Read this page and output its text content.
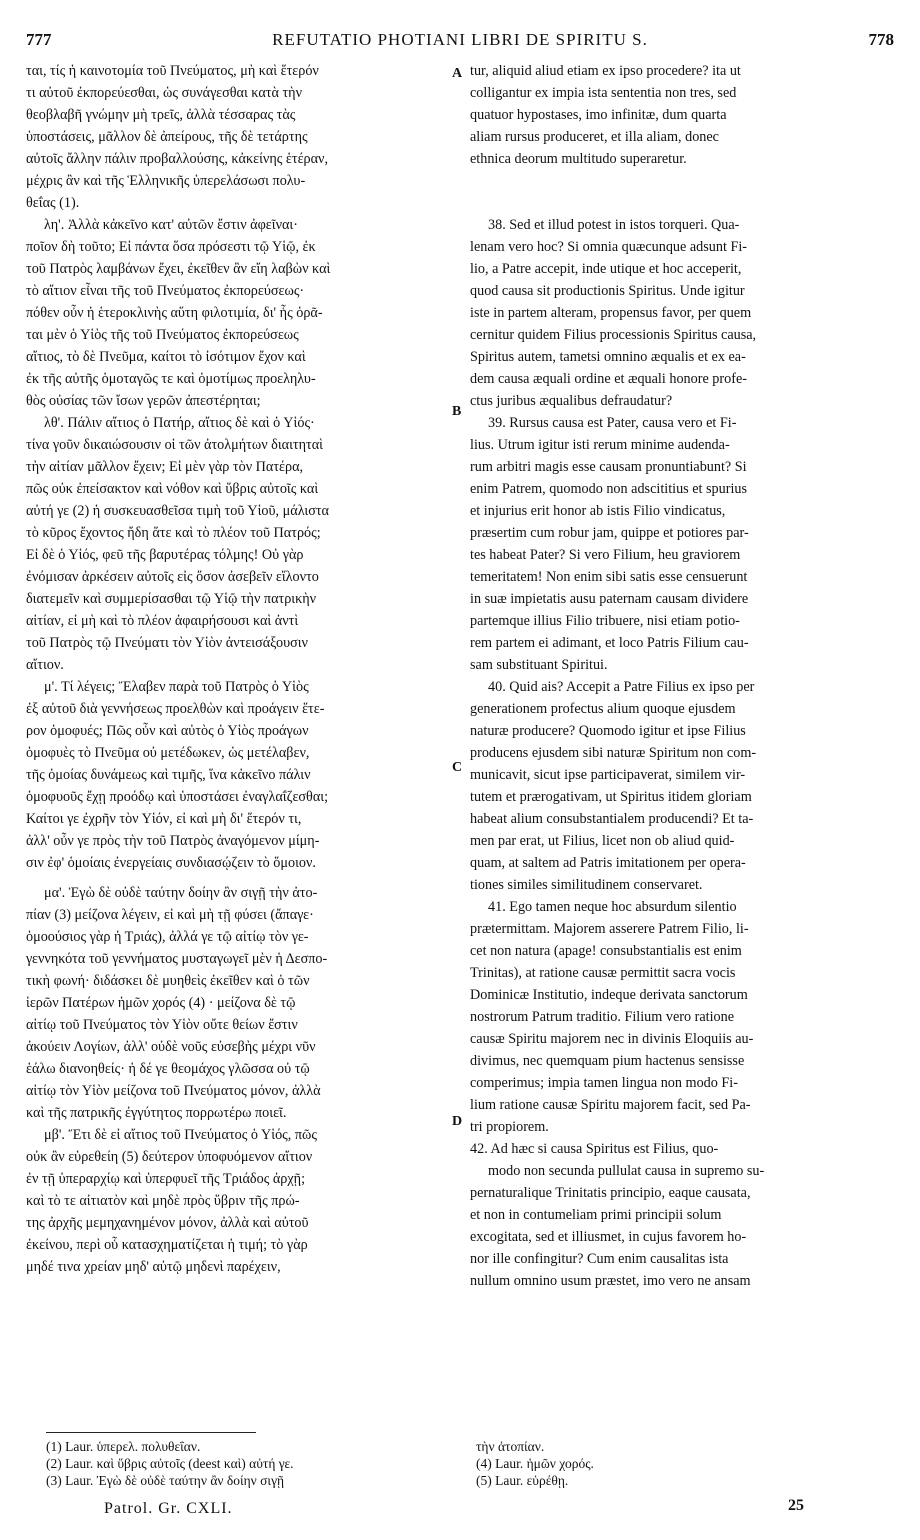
777	REFUTATIO PHOTIANI LIBRI DE SPIRITU S.	778
ται, τίς ἡ καινοτομία τοῦ Πνεύματος, μὴ καὶ ἕτερόν
τι αὐτοῦ ἐκπορεύεσθαι, ὡς συνάγεσθαι κατὰ τὴν
θεοβλαβῆ γνώμην μὴ τρεῖς, ἀλλὰ τέσσαρας τὰς
ὑποστάσεις, μᾶλλον δὲ ἀπείρους, τῆς δὲ τετάρτης
αὐτοῖς ἄλλην πάλιν προβαλλούσης, κἀκείνης ἑτέραν,
μέχρις ἂν καὶ τῆς Ἑλληνικῆς ὑπερελάσωσι πολυ-
θεΐας (1).
λη'. Ἀλλὰ κἀκεῖνο κατ' αὐτῶν ἔστιν ἀφεῖναι·
ποῖον δὴ τοῦτο; Εἰ πάντα ὅσα πρόσεστι τῷ Υἱῷ, ἐκ
τοῦ Πατρὸς λαμβάνων ἔχει, ἐκεῖθεν ἂν εἴη λαβὼν καὶ
τὸ αἴτιον εἶναι τῆς τοῦ Πνεύματος ἐκπορεύσεως·
πόθεν οὖν ἡ ἑτεροκλινὴς αὕτη φιλοτιμία, δι' ἧς ὁρᾶ-
ται μὲν ὁ Υἱὸς τῆς τοῦ Πνεύματος ἐκπορεύσεως
αἴτιος, τὸ δὲ Πνεῦμα, καίτοι τὸ ἰσότιμον ἔχον καὶ
ἐκ τῆς αὐτῆς ὁμοταγῶς τε καὶ ὁμοτίμως προεληλυ-
θὸς οὐσίας τῶν ἴσων γερῶν ἀπεστέρηται;
λθ'. Πάλιν αἴτιος ὁ Πατήρ, αἴτιος δὲ καὶ ὁ Υἱός·
τίνα γοῦν δικαιώσουσιν οἱ τῶν ἀτολμήτων διαιτηταὶ
τὴν αἰτίαν μᾶλλον ἔχειν; Εἰ μὲν γὰρ τὸν Πατέρα,
πῶς οὐκ ἐπείσακτον καὶ νόθον καὶ ὕβρις αὐτοῖς καὶ
αὐτή γε (2) ἡ συσκευασθεῖσα τιμὴ τοῦ Υἱοῦ, μάλιστα
τὸ κῦρος ἔχοντος ἤδη ἅτε καὶ τὸ πλέον τοῦ Πατρός;
Εἰ δὲ ὁ Υἱός, φεῦ τῆς βαρυτέρας τόλμης! Οὐ γὰρ
ἐνόμισαν ἀρκέσειν αὐτοῖς εἰς ὅσον ἀσεβεῖν εἵλοντο
διατεμεῖν καὶ συμμερίσασθαι τῷ Υἱῷ τὴν πατρικὴν
αἰτίαν, εἰ μὴ καὶ τὸ πλέον ἀφαιρήσουσι καὶ ἀντὶ
τοῦ Πατρὸς τῷ Πνεύματι τὸν Υἱὸν ἀντεισάξουσιν
αἴτιον.
μ'. Τί λέγεις; Ἔλαβεν παρὰ τοῦ Πατρὸς ὁ Υἱὸς
ἐξ αὐτοῦ διὰ γεννήσεως προελθὼν καὶ προάγειν ἕτε-
ρον ὁμοφυές; Πῶς οὖν καὶ αὐτὸς ὁ Υἱὸς προάγων
ὁμοφυὲς τὸ Πνεῦμα οὐ μετέδωκεν, ὡς μετέλαβεν,
τῆς ὁμοίας δυνάμεως καὶ τιμῆς, ἵνα κἀκεῖνο πάλιν
ὁμοφυοῦς ἔχῃ προόδῳ καὶ ὑποστάσει ἐναγλαΐζεσθαι;
Καίτοι γε ἐχρῆν τὸν Υἱόν, εἰ καὶ μὴ δι' ἕτερόν τι,
ἀλλ' οὖν γε πρὸς τὴν τοῦ Πατρὸς ἀναγόμενον μίμη-
σιν ἐφ' ὁμοίαις ἐνεργείαις συνδιασῴζειν τὸ ὅμοιον.
μα'. Ἐγὼ δὲ οὐδὲ ταύτην δοίην ἂν σιγῇ τὴν ἀτο-
πίαν (3) μείζονα λέγειν, εἰ καὶ μὴ τῇ φύσει (ἄπαγε·
ὁμοούσιος γὰρ ἡ Τριάς), ἀλλά γε τῷ αἰτίῳ τὸν γε-
γεννηκότα τοῦ γεννήματος μυσταγωγεῖ μὲν ἡ Δεσπο-
τικὴ φωνή· διδάσκει δὲ μυηθεὶς ἐκεῖθεν καὶ ὁ τῶν
ἱερῶν Πατέρων ἡμῶν χορός (4) · μείζονα δὲ τῷ
αἰτίῳ τοῦ Πνεύματος τὸν Υἱὸν οὔτε θείων ἔστιν
ἀκούειν Λογίων, ἀλλ' οὐδὲ νοῦς εὐσεβὴς μέχρι νῦν
ἑάλω διανοηθείς· ἡ δέ γε θεομάχος γλῶσσα οὐ τῷ
αἰτίῳ τὸν Υἱὸν μείζονα τοῦ Πνεύματος μόνον, ἀλλὰ
καὶ τῆς πατρικῆς ἐγγύτητος πορρωτέρω ποιεῖ.
μβ'. Ἔτι δὲ εἰ αἴτιος τοῦ Πνεύματος ὁ Υἱός, πῶς
οὐκ ἂν εὑρεθείη (5) δεύτερον ὑποφυόμενον αἴτιον
ἐν τῇ ὑπεραρχίῳ καὶ ὑπερφυεῖ τῆς Τριάδος ἀρχῇ;
καὶ τὸ τε αἰτιατὸν καὶ μηδὲ πρὸς ὕβριν τῆς πρώ-
της ἀρχῆς μεμηχανημένον μόνον, ἀλλὰ καὶ αὐτοῦ
ἐκείνου, περὶ οὗ κατασχηματίζεται ἡ τιμή; τὸ γὰρ
μηδέ τινα χρείαν μηδ' αὐτῷ μηδενὶ παρέχειν,
A
B
C
D
tur, aliquid aliud etiam ex ipso procedere? ita ut
colligantur ex impia ista sententia non tres, sed
quatuor hypostases, imo infinitæ, dum quarta
aliam rursus produceret, et illa aliam, donec
ethnica deorum multitudo superaretur.
38. Sed et illud potest in istos torqueri. Qua-
lenam vero hoc? Si omnia quæcunque adsunt Fi-
lio, a Patre accepit, inde utique et hoc acceperit,
quod causa sit productionis Spiritus. Unde igitur
iste in partem alteram, propensus favor, per quem
cernitur quidem Filius processionis Spiritus causa,
Spiritus autem, tametsi omnino æqualis et ex ea-
dem causa æquali ordine et æquali honore profe-
ctus juribus æqualibus defraudatur?
39. Rursus causa est Pater, causa vero et Fi-
lius. Utrum igitur isti rerum minime audenda-
rum arbitri magis esse causam pronuntiabunt? Si
enim Patrem, quomodo non adscititius et spurius
et injurius erit honor ab istis Filio vindicatus,
præsertim cum robur jam, quippe et potiores par-
tes habeat Pater? Si vero Filium, heu graviorem
temeritatem! Non enim sibi satis esse censuerunt
in suæ impietatis ausu paternam causam dividere
partemque illius Filio tribuere, nisi etiam potio-
rem partem ei adimant, et loco Patris Filium cau-
sam substituant Spiritui.
40. Quid ais? Accepit a Patre Filius ex ipso per
generationem profectus alium quoque ejusdem
naturæ producere? Quomodo igitur et ipse Filius
producens ejusdem sibi naturæ Spiritum non com-
municavit, sicut ipse participaverat, similem vir-
tutem et prærogativam, ut Spiritus itidem gloriam
habeat alium consubstantialem producendi? Et ta-
men par erat, ut Filius, licet non ob aliud quid-
quam, at saltem ad Patris imitationem per opera-
tiones similes similitudinem conservaret.
41. Ego tamen neque hoc absurdum silentio
prætermittam. Majorem asserere Patrem Filio, li-
cet non natura (apage! consubstantialis est enim
Trinitas), at ratione causæ permittit sacra vocis
Dominicæ Institutio, indeque derivata sanctorum
nostrorum Patrum traditio. Filium vero ratione
causæ Spiritu majorem nec in divinis Eloquiis au-
divimus, nec quemquam pium hactenus sensisse
comperimus; impia tamen lingua non modo Fi-
lium ratione causæ Spiritu majorem facit, sed Pa-
tri propiorem.
42. Ad hæc si causa Spiritus est Filius, quo-
modo non secunda pullulat causa in supremo su-
pernaturalique Trinitatis principio, eaque causata,
et non in contumeliam primi principii solum
excogitata, sed et illiusmet, in cujus favorem ho-
nor ille confingitur? Cum enim causalitas ista
nullum omnino usum præstet, imo vero ne ansam
(1) Laur. ὑπερελ. πολυθεΐαν.
(2) Laur. καὶ ὕβρις αὐτοῖς (deest καὶ) αὐτή γε.
(3) Laur. Ἐγὼ δὲ οὐδὲ ταύτην ἂν δοίην σιγῇ
τὴν ἀτοπίαν.
(4) Laur. ἡμῶν χορός.
(5) Laur. εὑρέθῃ.
Patrol. Gr. CXLI.	25
